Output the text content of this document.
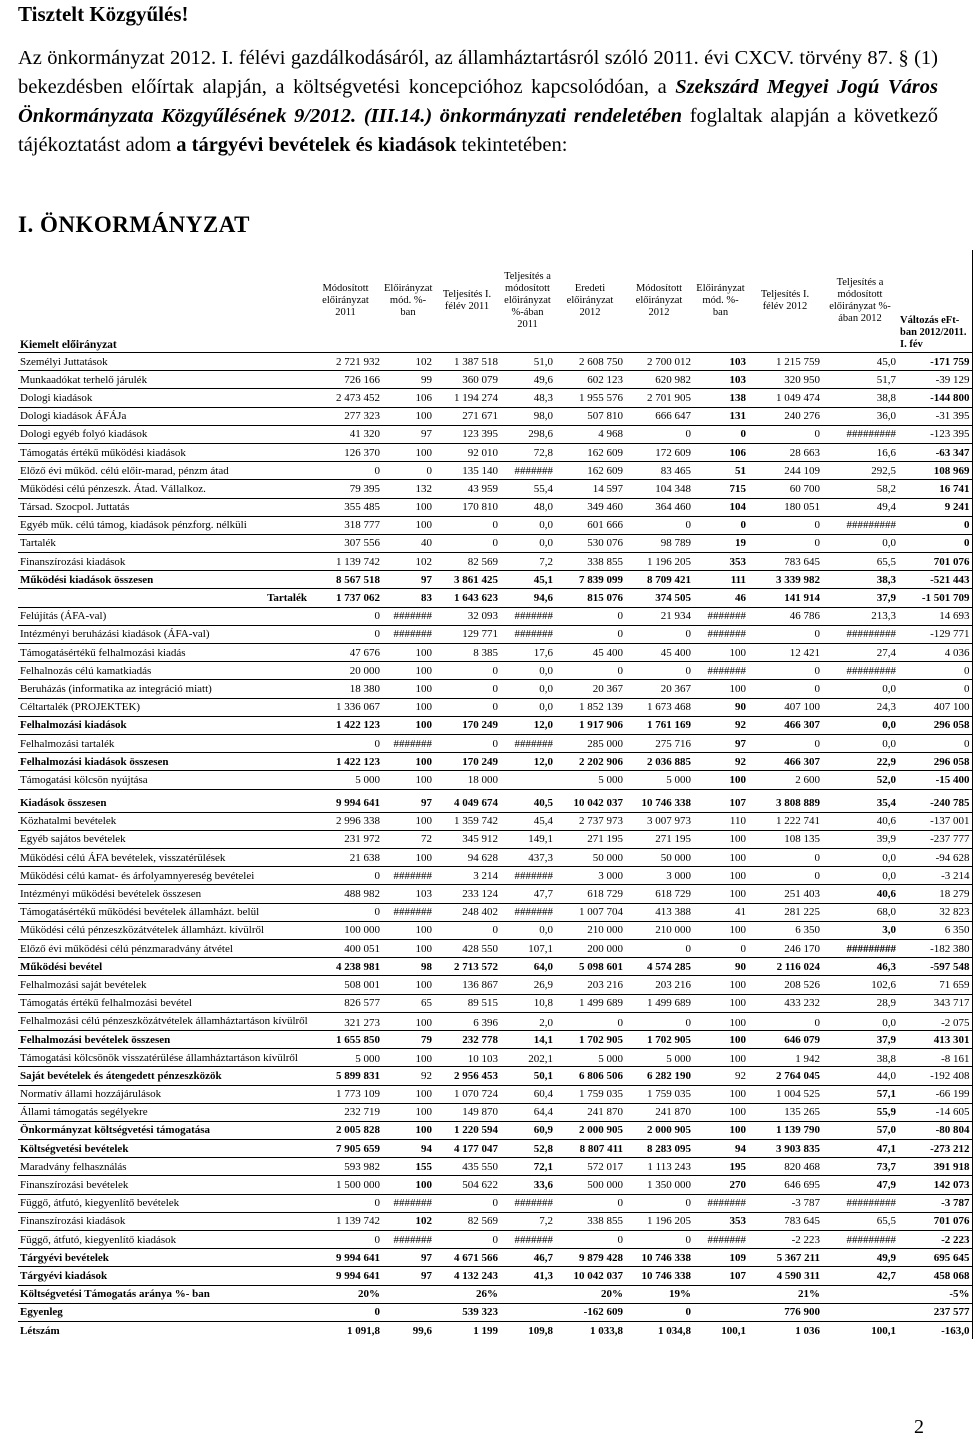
Tisztelt Közgyűlés!
Az önkormányzat 2012. I. félévi gazdálkodásáról, az államháztartásról szóló 2011. évi CXCV. törvény 87. § (1) bekezdésben előírtak alapján, a költségvetési koncepcióhoz kapcsolódóan, a Szekszárd Megyei Jogú Város Önkormányzata Közgyűlésének 9/2012. (III.14.) önkormányzati rendeletében foglaltak alapján a következő tájékoztatást adom a tárgyévi bevételek és kiadások tekintetében:
I. ÖNKORMÁNYZAT
Kiemelt előirányzat	Módosított előirányzat 2011	Előirányzat mód. %- ban	Teljesítés I. félév 2011	Teljesítés a módosított előirányzat %-ában 2011	Eredeti előirányzat 2012	Módosított előirányzat 2012	Előirányzat mód. %- ban	Teljesítés I. félév 2012	Teljesítés a módosított előirányzat %-ában 2012	Változás eFt-ban 2012/2011. I. fév
Személyi Juttatások	2 721 932	102	1 387 518	51,0	2 608 750	2 700 012	103	1 215 759	45,0	-171 759
Munkaadókat terhelő járulék	726 166	99	360 079	49,6	602 123	620 982	103	320 950	51,7	-39 129
Dologi kiadások	2 473 452	106	1 194 274	48,3	1 955 576	2 701 905	138	1 049 474	38,8	-144 800
Dologi kiadások ÁFÁJa	277 323	100	271 671	98,0	507 810	666 647	131	240 276	36,0	-31 395
Dologi egyéb folyó kiadások	41 320	97	123 395	298,6	4 968	0	0	0	#########	-123 395
Támogatás értékű működési kiadások	126 370	100	92 010	72,8	162 609	172 609	106	28 663	16,6	-63 347
Előző évi működ. célú előir-marad, pénzm átad	0	0	135 140	#######	162 609	83 465	51	244 109	292,5	108 969
Működési célú pénzeszk. Átad. Vállalkoz.	79 395	132	43 959	55,4	14 597	104 348	715	60 700	58,2	16 741
Társad. Szocpol. Juttatás	355 485	100	170 810	48,0	349 460	364 460	104	180 051	49,4	9 241
Egyéb műk. célú támog, kiadások pénzforg. nélküli	318 777	100	0	0,0	601 666	0	0	0	#########	0
Tartalék	307 556	40	0	0,0	530 076	98 789	19	0	0,0	0
Finanszírozási kiadások	1 139 742	102	82 569	7,2	338 855	1 196 205	353	783 645	65,5	701 076
Működési kiadások összesen	8 567 518	97	3 861 425	45,1	7 839 099	8 709 421	111	3 339 982	38,3	-521 443
Tartalék	1 737 062	83	1 643 623	94,6	815 076	374 505	46	141 914	37,9	-1 501 709
Felújítás (ÁFA-val)	0	#######	32 093	#######	0	21 934	#######	46 786	213,3	14 693
Intézményi beruházási kiadások (ÁFA-val)	0	#######	129 771	#######	0	0	#######	0	#########	-129 771
Támogatásértékű felhalmozási kiadás	47 676	100	8 385	17,6	45 400	45 400	100	12 421	27,4	4 036
Felhalnozás célú kamatkiadás	20 000	100	0	0,0	0	0	#######	0	#########	0
Beruházás (informatika az integráció miatt)	18 380	100	0	0,0	20 367	20 367	100	0	0,0	0
Céltartalék (PROJEKTEK)	1 336 067	100	0	0,0	1 852 139	1 673 468	90	407 100	24,3	407 100
Felhalmozási kiadások	1 422 123	100	170 249	12,0	1 917 906	1 761 169	92	466 307	0,0	296 058
Felhalmozási tartalék	0	#######	0	#######	285 000	275 716	97	0	0,0	0
Felhalmozási kiadások összesen	1 422 123	100	170 249	12,0	2 202 906	2 036 885	92	466 307	22,9	296 058
Támogatási kölcsön nyújtása	5 000	100	18 000		5 000	5 000	100	2 600	52,0	-15 400
Kiadások összesen	9 994 641	97	4 049 674	40,5	10 042 037	10 746 338	107	3 808 889	35,4	-240 785
Közhatalmi bevételek	2 996 338	100	1 359 742	45,4	2 737 973	3 007 973	110	1 222 741	40,6	-137 001
Egyéb sajátos bevételek	231 972	72	345 912	149,1	271 195	271 195	100	108 135	39,9	-237 777
Működési célú ÁFA bevételek, visszatérülések	21 638	100	94 628	437,3	50 000	50 000	100	0	0,0	-94 628
Működési célú kamat- és árfolyamnyereség bevételei	0	#######	3 214	#######	3 000	3 000	100	0	0,0	-3 214
Intézményi működési bevételek összesen	488 982	103	233 124	47,7	618 729	618 729	100	251 403	40,6	18 279
Támogatásértékű működési bevételek államházt. belül	0	#######	248 402	#######	1 007 704	413 388	41	281 225	68,0	32 823
Működési célú pénzeszközátvételek államházt. kívülről	100 000	100	0	0,0	210 000	210 000	100	6 350	3,0	6 350
Előző évi működési célú pénzmaradvány átvétel	400 051	100	428 550	107,1	200 000	0	0	246 170	#########	-182 380
Működési bevétel	4 238 981	98	2 713 572	64,0	5 098 601	4 574 285	90	2 116 024	46,3	-597 548
Felhalmozási saját bevételek	508 001	100	136 867	26,9	203 216	203 216	100	208 526	102,6	71 659
Támogatás értékű felhalmozási bevétel	826 577	65	89 515	10,8	1 499 689	1 499 689	100	433 232	28,9	343 717
Felhalmozási célú pénzeszközátvételek államháztartáson kívülről	321 273	100	6 396	2,0	0	0	100	0	0,0	-2 075
Felhalmozási bevételek összesen	1 655 850	79	232 778	14,1	1 702 905	1 702 905	100	646 079	37,9	413 301
Támogatási kölcsönök visszatérülése államháztartáson kívülről	5 000	100	10 103	202,1	5 000	5 000	100	1 942	38,8	-8 161
Saját bevételek és átengedett pénzeszközök	5 899 831	92	2 956 453	50,1	6 806 506	6 282 190	92	2 764 045	44,0	-192 408
Normatív állami hozzájárulások	1 773 109	100	1 070 724	60,4	1 759 035	1 759 035	100	1 004 525	57,1	-66 199
Állami támogatás segélyekre	232 719	100	149 870	64,4	241 870	241 870	100	135 265	55,9	-14 605
Önkormányzat költségvetési támogatása	2 005 828	100	1 220 594	60,9	2 000 905	2 000 905	100	1 139 790	57,0	-80 804
Költségvetési bevételek	7 905 659	94	4 177 047	52,8	8 807 411	8 283 095	94	3 903 835	47,1	-273 212
Maradvány felhasználás	593 982	155	435 550	72,1	572 017	1 113 243	195	820 468	73,7	391 918
Finanszírozási bevételek	1 500 000	100	504 622	33,6	500 000	1 350 000	270	646 695	47,9	142 073
Függő, átfutó, kiegyenlítő bevételek	0	#######	0	#######	0	0	#######	-3 787	#########	-3 787
Finanszírozási kiadások	1 139 742	102	82 569	7,2	338 855	1 196 205	353	783 645	65,5	701 076
Függő, átfutó, kiegyenlítő kiadások	0	#######	0	#######	0	0	#######	-2 223	#########	-2 223
Tárgyévi bevételek	9 994 641	97	4 671 566	46,7	9 879 428	10 746 338	109	5 367 211	49,9	695 645
Tárgyévi kiadások	9 994 641	97	4 132 243	41,3	10 042 037	10 746 338	107	4 590 311	42,7	458 068
Költségvetési Támogatás aránya %- ban	20%		26%		20%	19%		21%		-5%
Egyenleg	0		539 323		-162 609	0		776 900		237 577
Létszám	1 091,8	99,6	1 199	109,8	1 033,8	1 034,8	100,1	1 036	100,1	-163,0
2
